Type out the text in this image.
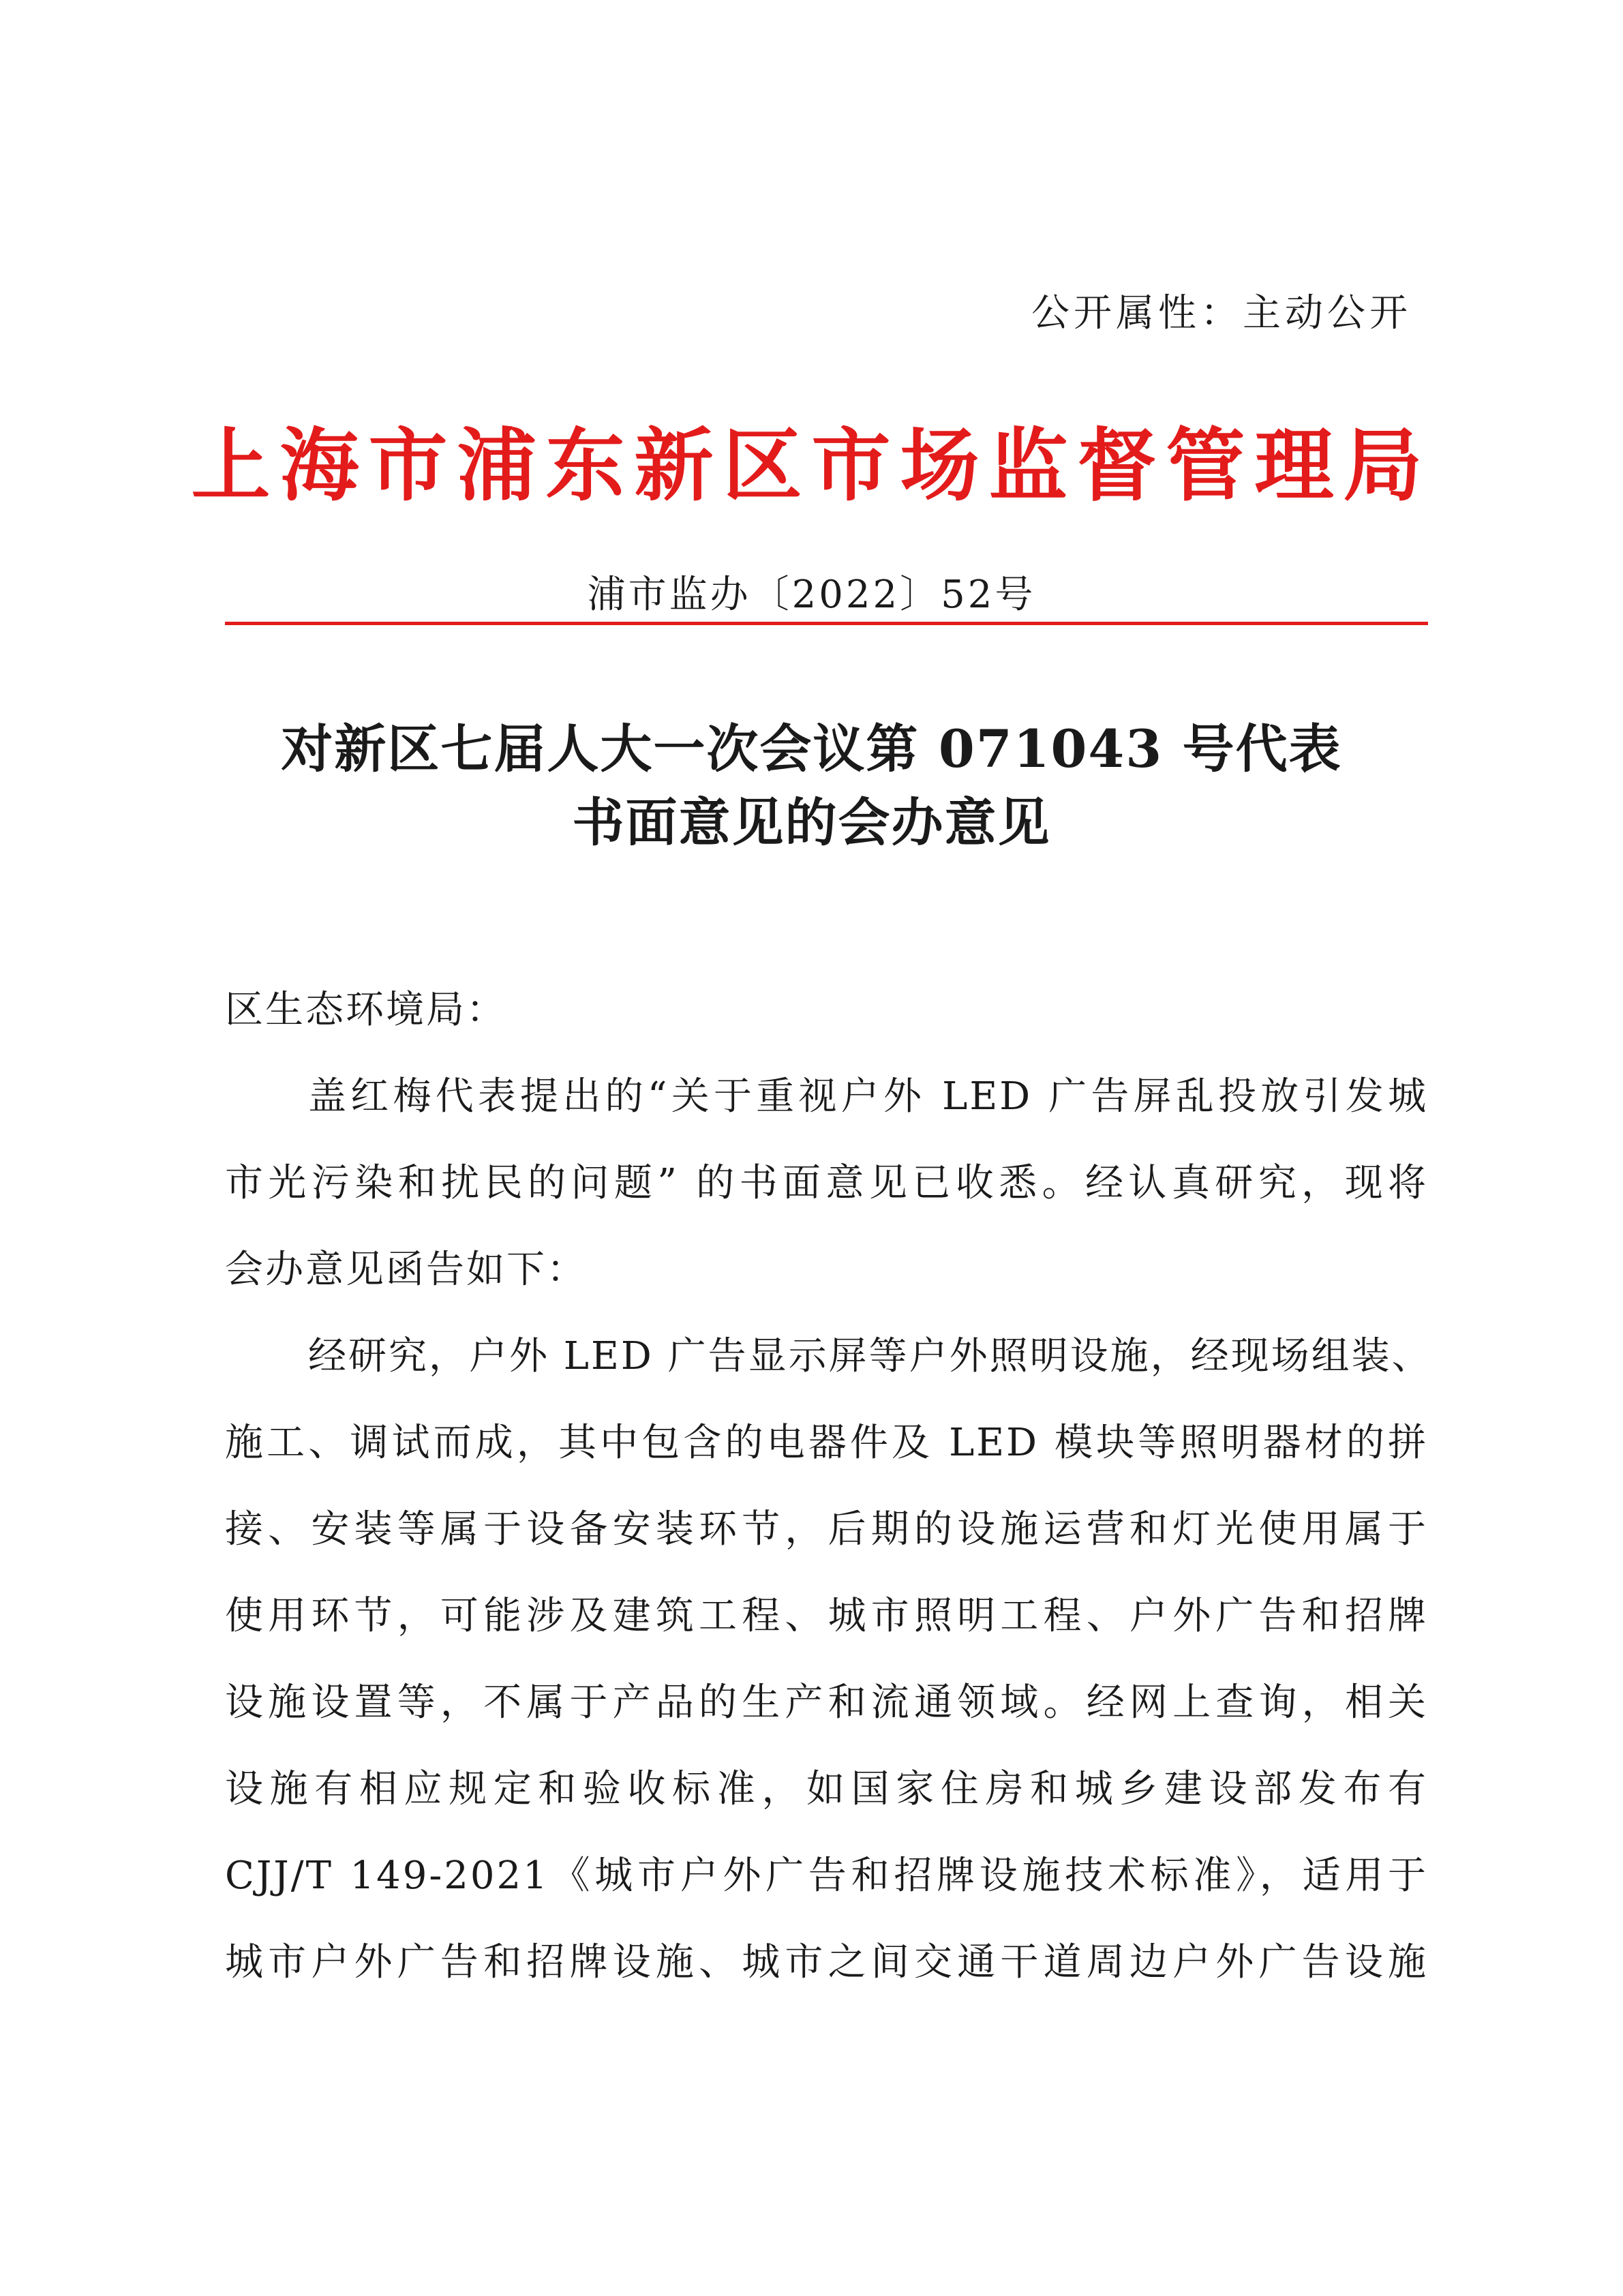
公开属性：主动公开
上海市浦东新区市场监督管理局
浦市监办〔2022〕52号
对新区七届人大一次会议第 071043 号代表
书面意见的会办意见
区生态环境局：
盖红梅代表提出的“关于重视户外 LED 广告屏乱投放引发城
市光污染和扰民的问题” 的书面意见已收悉。经认真研究，现将
会办意见函告如下：
经研究，户外 LED 广告显示屏等户外照明设施，经现场组装、
施工、调试而成，其中包含的电器件及 LED 模块等照明器材的拼
接、安装等属于设备安装环节，后期的设施运营和灯光使用属于
使用环节，可能涉及建筑工程、城市照明工程、户外广告和招牌
设施设置等，不属于产品的生产和流通领域。经网上查询，相关
设施有相应规定和验收标准，如国家住房和城乡建设部发布有
CJJ/T 149-2021《城市户外广告和招牌设施技术标准》，适用于
城市户外广告和招牌设施、城市之间交通干道周边户外广告设施
